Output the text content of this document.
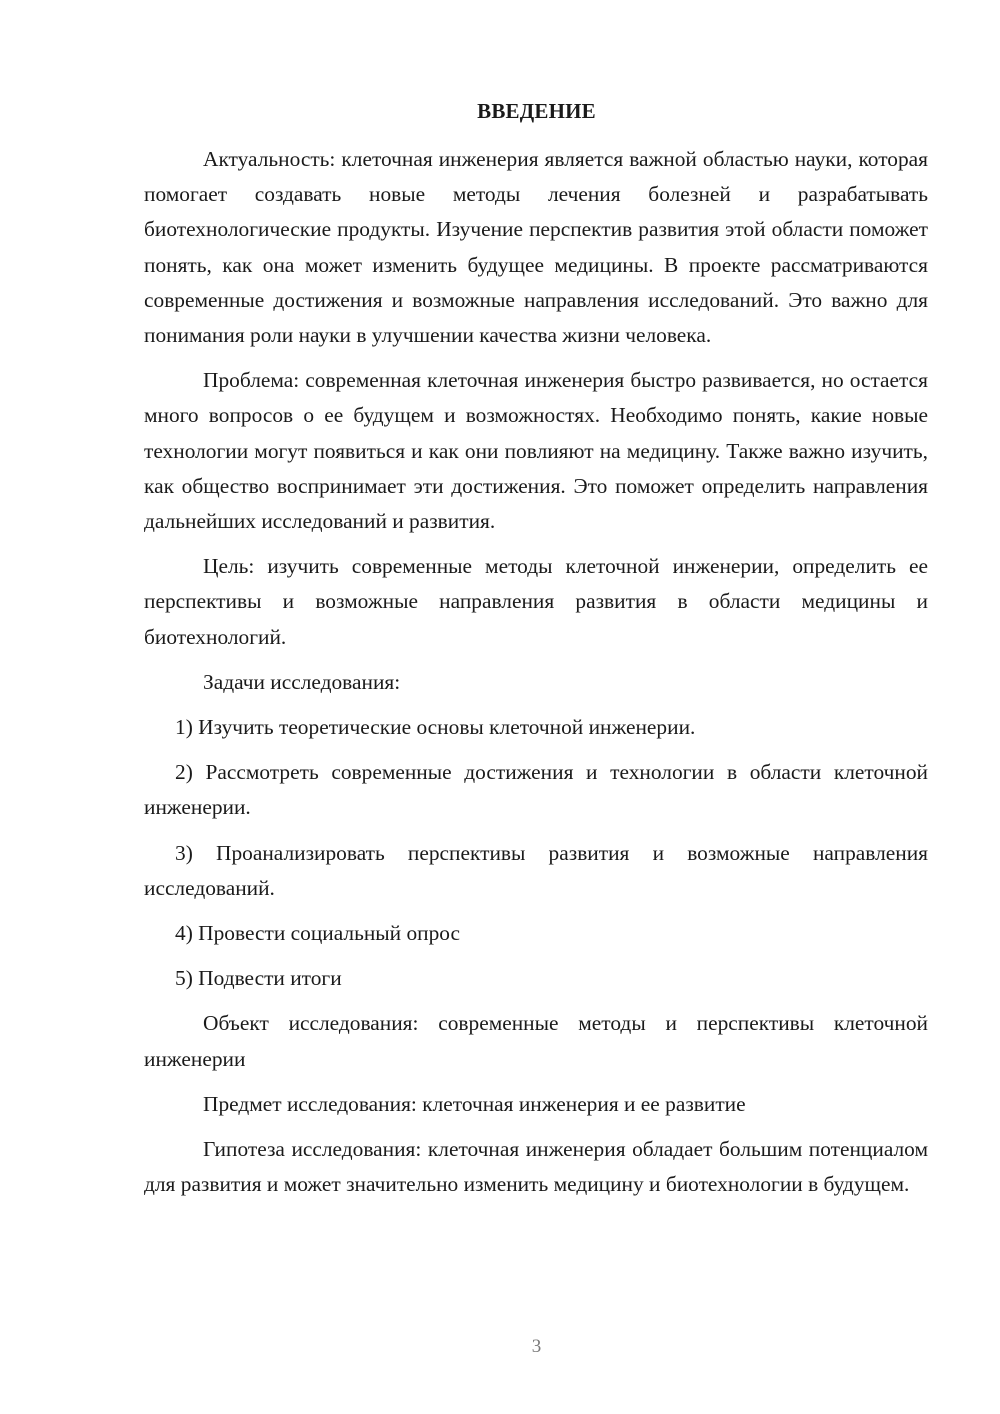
ВВЕДЕНИЕ

Актуальность: клеточная инженерия является важной областью науки, которая помогает создавать новые методы лечения болезней и разрабатывать биотехнологические продукты. Изучение перспектив развития этой области поможет понять, как она может изменить будущее медицины. В проекте рассматриваются современные достижения и возможные направления исследований. Это важно для понимания роли науки в улучшении качества жизни человека.

Проблема: современная клеточная инженерия быстро развивается, но остается много вопросов о ее будущем и возможностях. Необходимо понять, какие новые технологии могут появиться и как они повлияют на медицину. Также важно изучить, как общество воспринимает эти достижения. Это поможет определить направления дальнейших исследований и развития.

Цель: изучить современные методы клеточной инженерии, определить ее перспективы и возможные направления развития в области медицины и биотехнологий.

Задачи исследования:

1) Изучить теоретические основы клеточной инженерии.

2) Рассмотреть современные достижения и технологии в области клеточной инженерии.

3) Проанализировать перспективы развития и возможные направления исследований.

4) Провести социальный опрос

5) Подвести итоги

Объект исследования: современные методы и перспективы клеточной инженерии

Предмет исследования: клеточная инженерия и ее развитие

Гипотеза исследования: клеточная инженерия обладает большим потенциалом для развития и может значительно изменить медицину и биотехнологии в будущем.

3
